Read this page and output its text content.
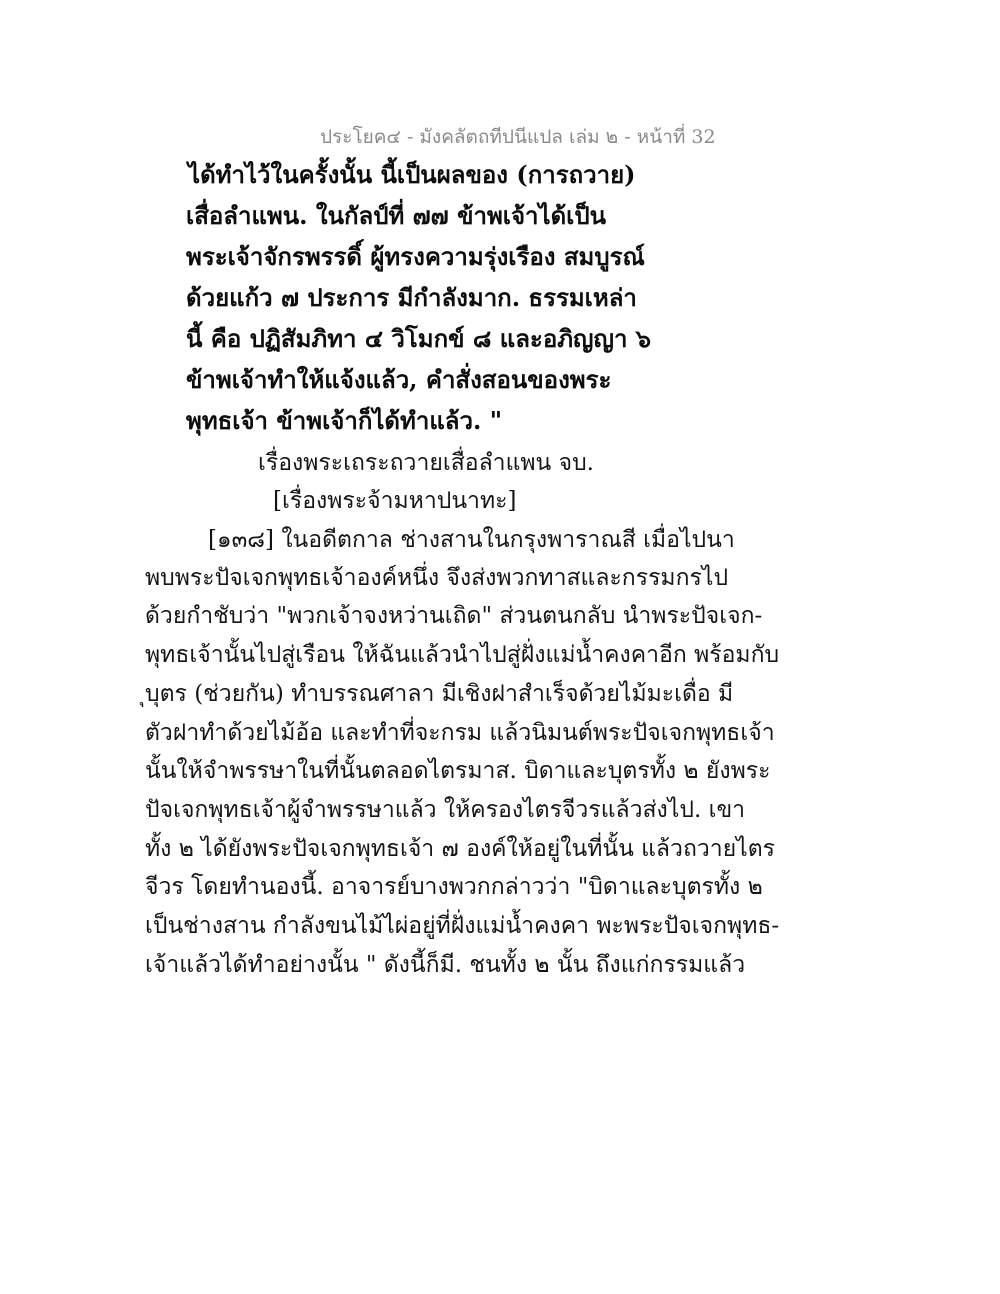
ประโยค๔ - มังคลัตถทีปนีแปล เล่ม ๒ - หน้าที่ 32
ได้ทำไว้ในครั้งนั้น นี้เป็นผลของ (การถวาย)
เสื่อลำแพน. ในกัลป์ที่ ๗๗ ข้าพเจ้าได้เป็น
พระเจ้าจักรพรรดิ์ ผู้ทรงความรุ่งเรือง สมบูรณ์
ด้วยแก้ว ๗ ประการ มีกำลังมาก. ธรรมเหล่า
นี้ คือ ปฏิสัมภิทา ๔ วิโมกข์ ๘ และอภิญญา ๖
ข้าพเจ้าทำให้แจ้งแล้ว, คำสั่งสอนของพระ
พุทธเจ้า ข้าพเจ้าก็ได้ทำแล้ว. "
เรื่องพระเถระถวายเสื่อลำแพน จบ.
[เรื่องพระจ้ามหาปนาทะ]
[๑๓๘] ในอดีตกาล ช่างสานในกรุงพาราณสี เมื่อไปนา
พบพระปัจเจกพุทธเจ้าองค์หนึ่ง จึงส่งพวกทาสและกรรมกรไป
ด้วยกำชับว่า "พวกเจ้าจงหว่านเถิด" ส่วนตนกลับ นำพระปัจเจก-
พุทธเจ้านั้นไปสู่เรือน ให้ฉันแล้วนำไปสู่ฝั่งแม่น้ำคงคาอีก พร้อมกับ
ุบุตร (ช่วยกัน) ทำบรรณศาลา มีเชิงฝาสำเร็จด้วยไม้มะเดื่อ มี
ตัวฝาทำด้วยไม้อ้อ และทำที่จะกรม แล้วนิมนต์พระปัจเจกพุทธเจ้า
นั้นให้จำพรรษาในที่นั้นตลอดไตรมาส. บิดาและบุตรทั้ง ๒ ยังพระ
ปัจเจกพุทธเจ้าผู้จำพรรษาแล้ว ให้ครองไตรจีวรแล้วส่งไป. เขา
ทั้ง ๒ ได้ยังพระปัจเจกพุทธเจ้า ๗ องค์ให้อยู่ในที่นั้น แล้วถวายไตร
จีวร โดยทำนองนี้. อาจารย์บางพวกกล่าวว่า "บิดาและบุตรทั้ง ๒
เป็นช่างสาน กำลังขนไม้ไผ่อยู่ที่ฝั่งแม่น้ำคงคา พะพระปัจเจกพุทธ-
เจ้าแล้วได้ทำอย่างนั้น " ดังนี้ก็มี. ชนทั้ง ๒ นั้น ถึงแก่กรรมแล้ว
